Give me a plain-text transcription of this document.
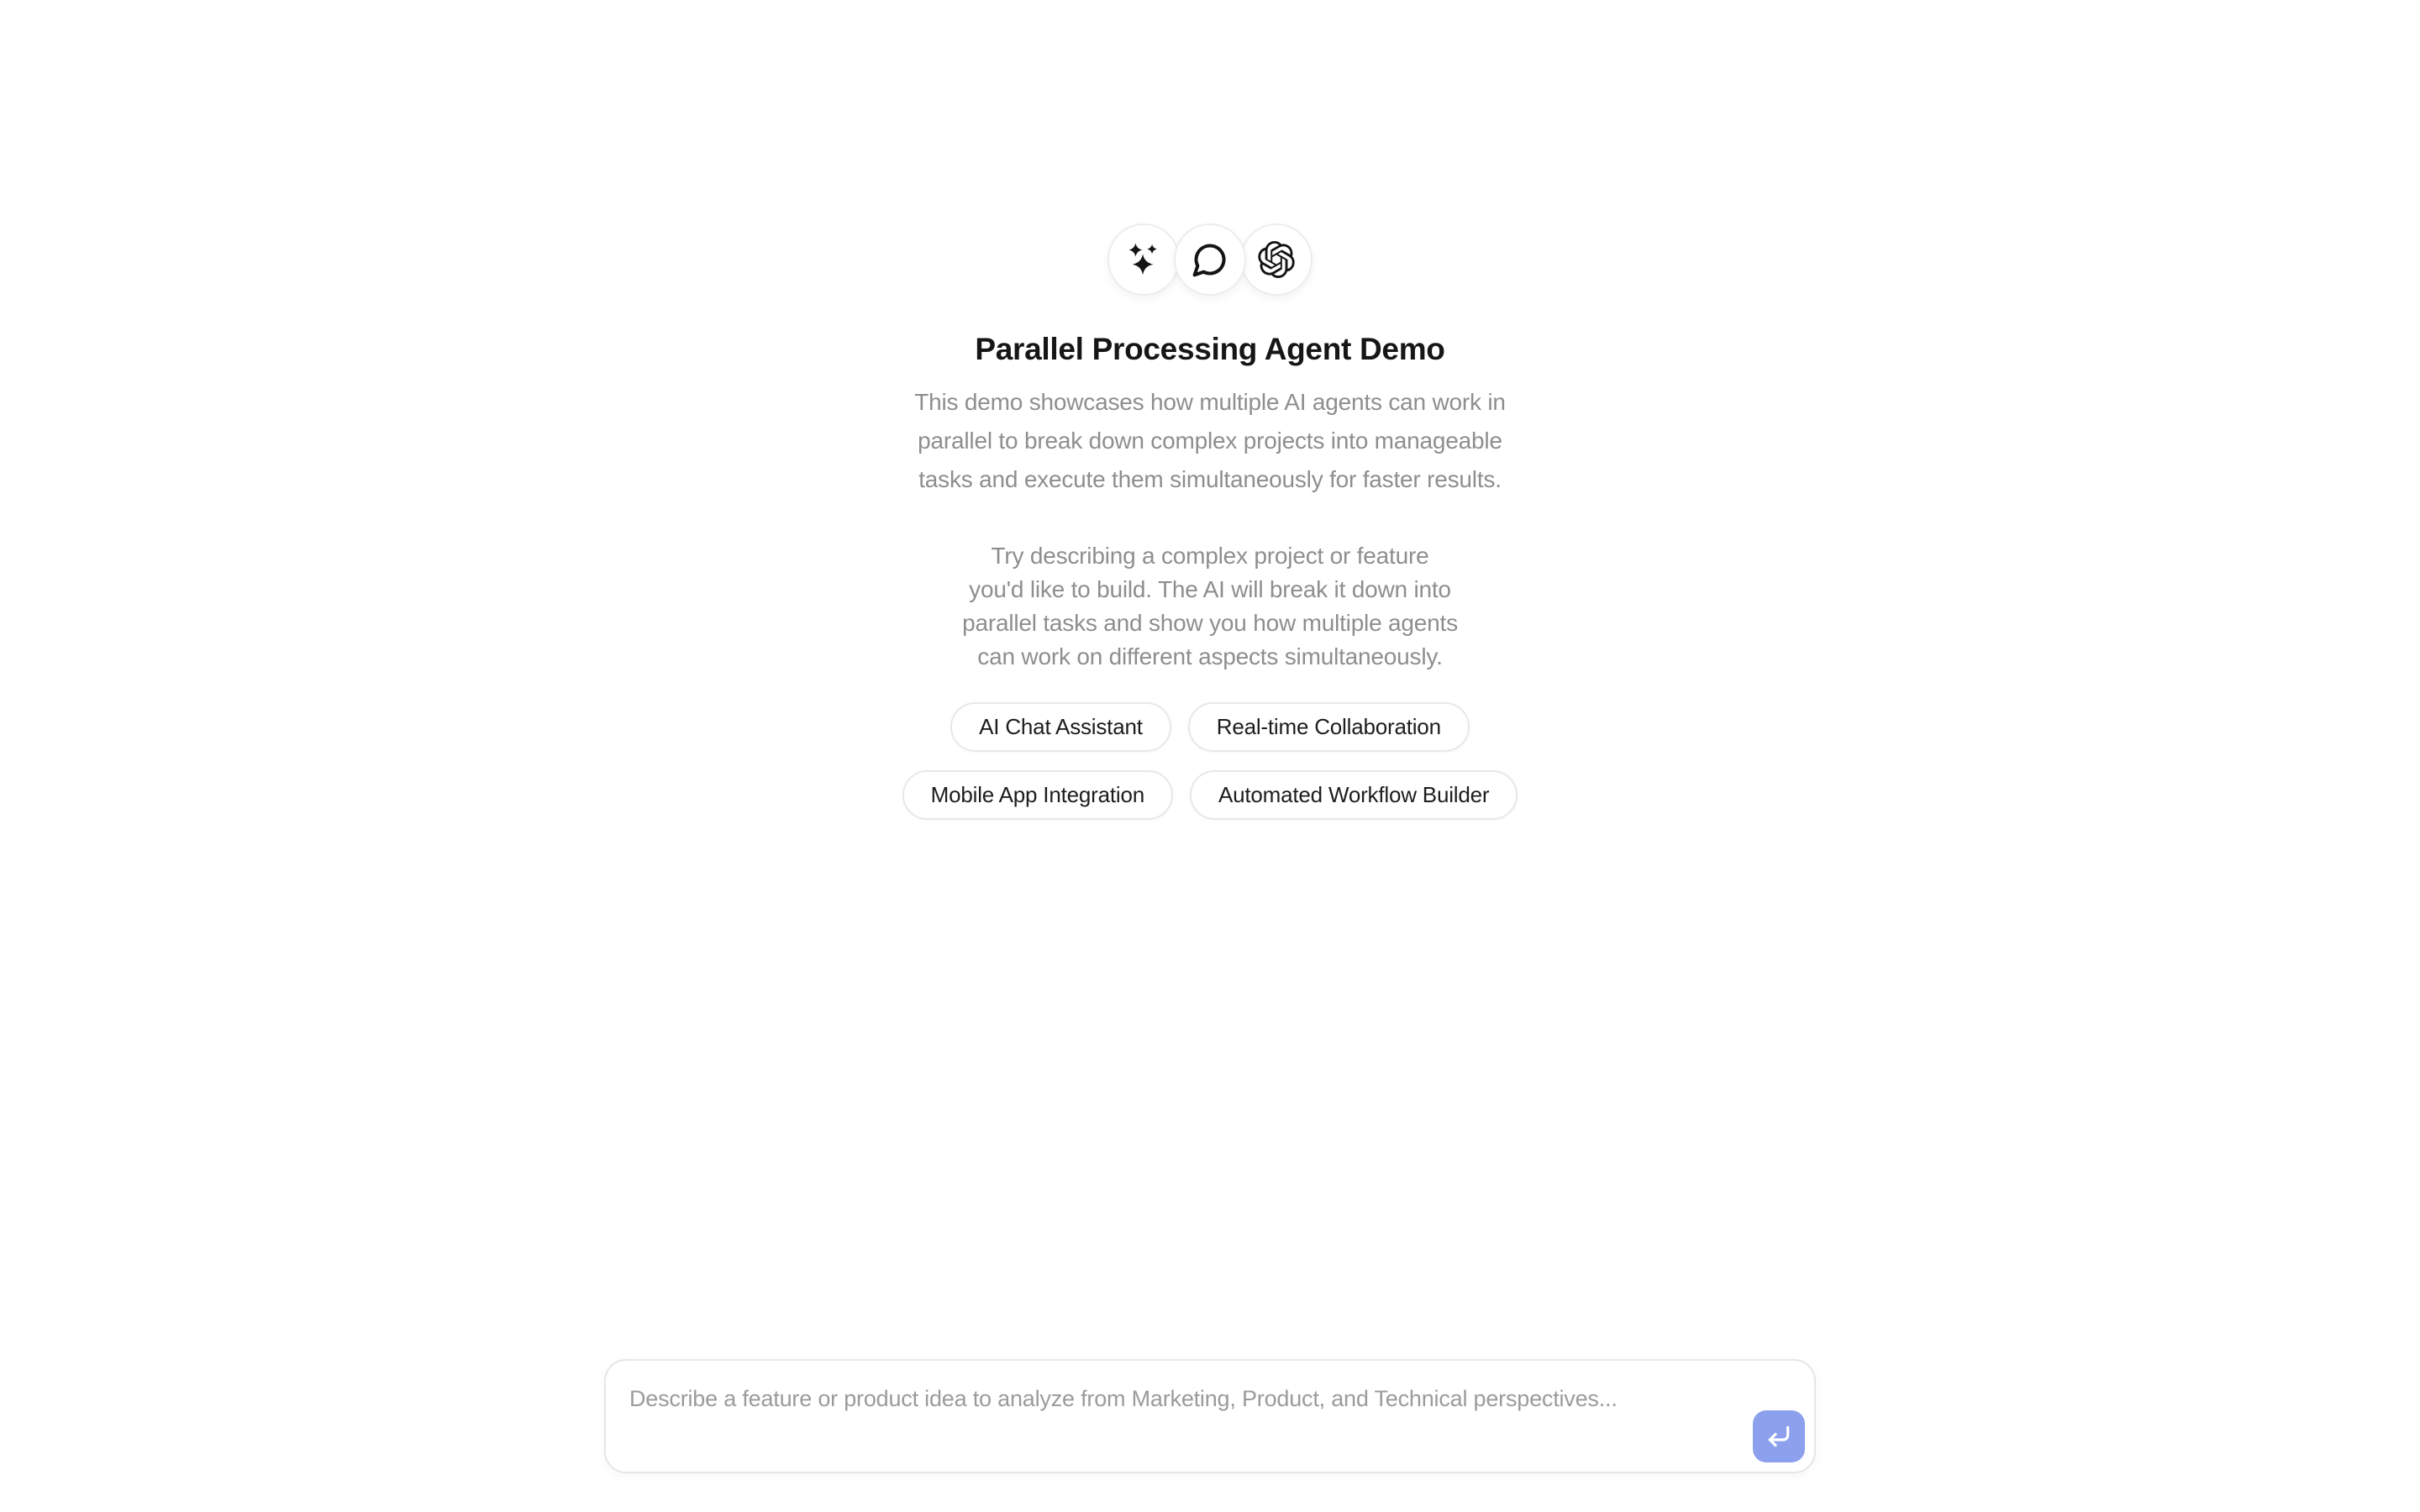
Parallel Processing Agent Demo
This demo showcases how multiple AI agents can work in
parallel to break down complex projects into manageable
tasks and execute them simultaneously for faster results.
Try describing a complex project or feature
you'd like to build. The AI will break it down into
parallel tasks and show you how multiple agents
can work on different aspects simultaneously.
AI Chat Assistant	Real-time Collaboration
Mobile App Integration	Automated Workflow Builder
Describe a feature or product idea to analyze from Marketing, Product, and Technical perspectives...
